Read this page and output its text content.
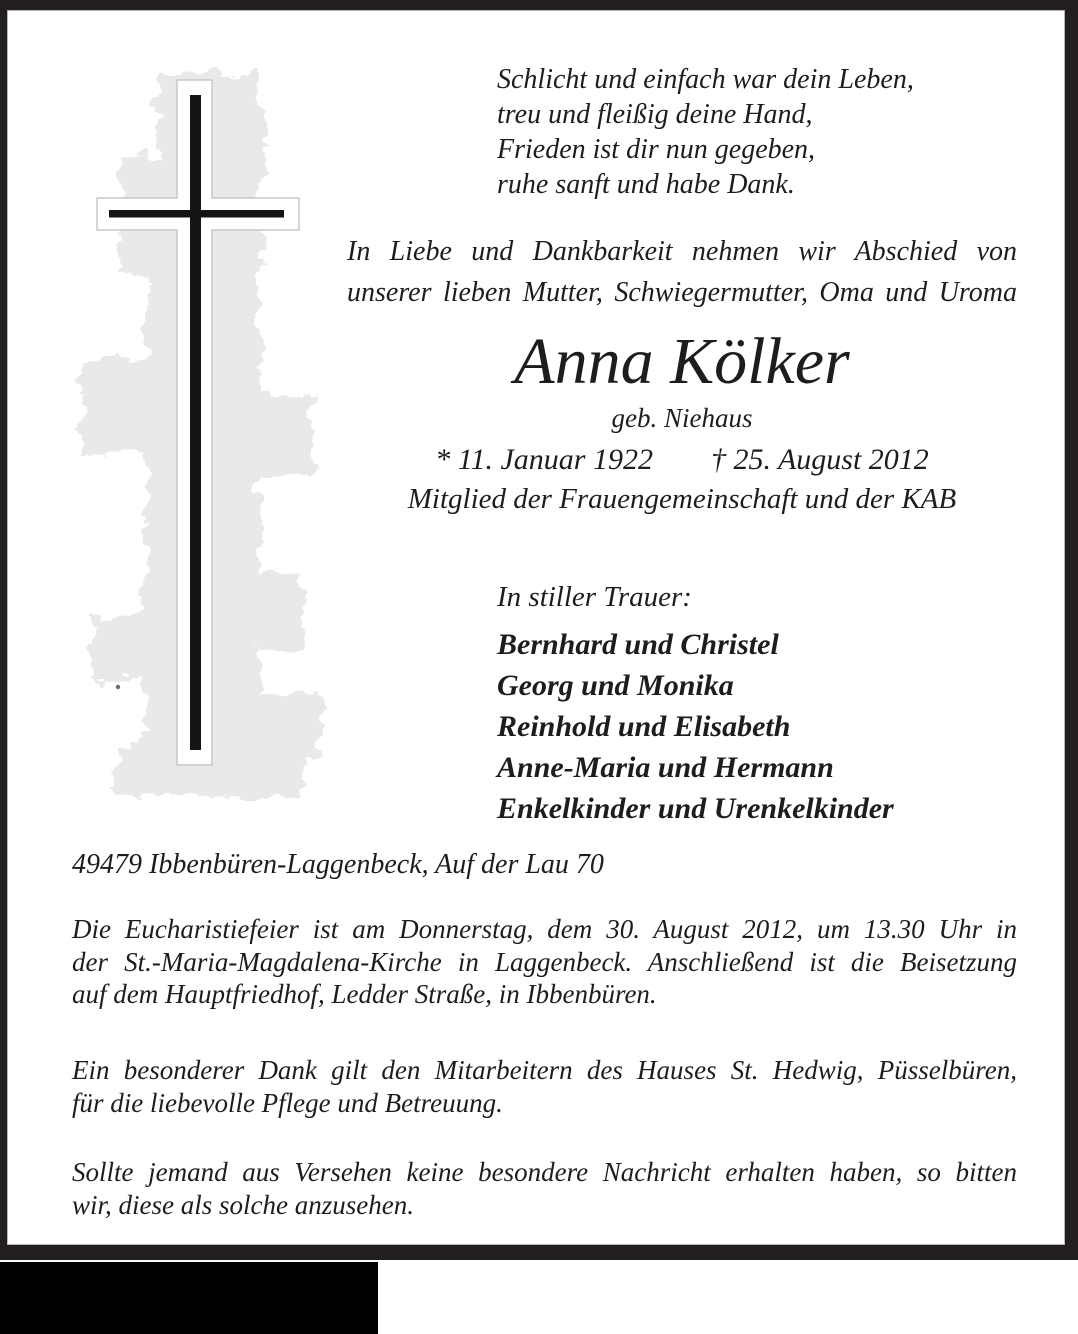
Schlicht und einfach war dein Leben,
treu und fleißig deine Hand,
Frieden ist dir nun gegeben,
ruhe sanft und habe Dank.
In Liebe und Dankbarkeit nehmen wir Abschied von
unserer lieben Mutter, Schwiegermutter, Oma und Uroma
Anna Kölker
geb. Niehaus
* 11. Januar 1922 † 25. August 2012
Mitglied der Frauengemeinschaft und der KAB
In stiller Trauer:
Bernhard und Christel
Georg und Monika
Reinhold und Elisabeth
Anne-Maria und Hermann
Enkelkinder und Urenkelkinder
49479 Ibbenbüren-Laggenbeck, Auf der Lau 70
Die Eucharistiefeier ist am Donnerstag, dem 30. August 2012, um 13.30 Uhr in
der St.-Maria-Magdalena-Kirche in Laggenbeck. Anschließend ist die Beisetzung
auf dem Hauptfriedhof, Ledder Straße, in Ibbenbüren.
Ein besonderer Dank gilt den Mitarbeitern des Hauses St. Hedwig, Püsselbüren,
für die liebevolle Pflege und Betreuung.
Sollte jemand aus Versehen keine besondere Nachricht erhalten haben, so bitten
wir, diese als solche anzusehen.
